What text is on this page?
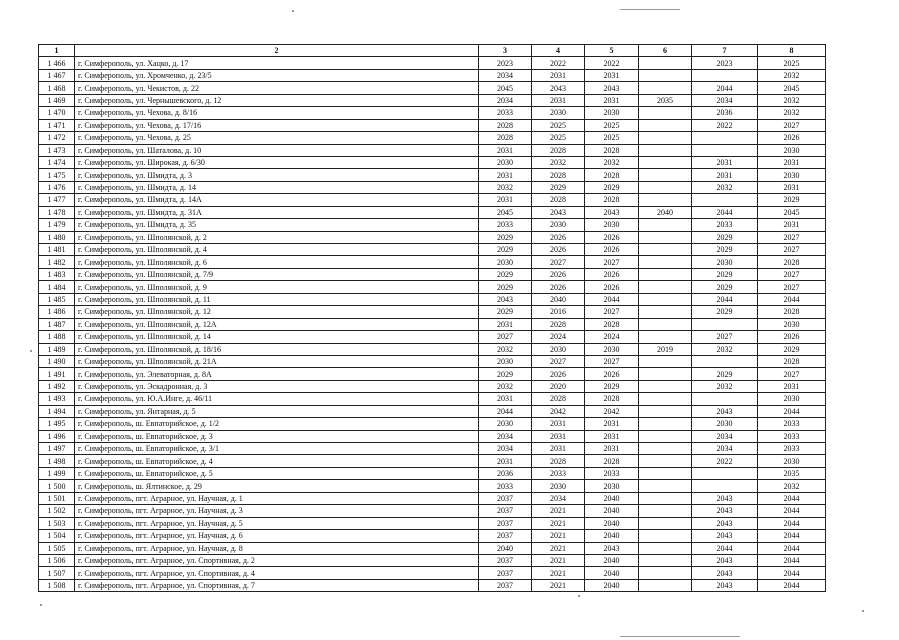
1	2	3	4	5	6	7	8
1 466	г. Симферополь, ул. Хацко, д. 17	2023	2022	2022		2023	2025
1 467	г. Симферополь, ул. Хромченко, д. 23/5	2034	2031	2031			2032
1 468	г. Симферополь, ул. Чекистов, д. 22	2045	2043	2043		2044	2045
1 469	г. Симферополь, ул. Чернышевского, д. 12	2034	2031	2031	2035	2034	2032
1 470	г. Симферополь, ул. Чехова, д. 8/16	2033	2030	2030		2036	2032
1 471	г. Симферополь, ул. Чехова, д. 17/16	2028	2025	2025		2022	2027
1 472	г. Симферополь, ул. Чехова, д. 25	2028	2025	2025			2026
1 473	г. Симферополь, ул. Шаталова, д. 10	2031	2028	2028			2030
1 474	г. Симферополь, ул. Широкая, д. 6/30	2030	2032	2032		2031	2031
1 475	г. Симферополь, ул. Шмидта, д. 3	2031	2028	2028		2031	2030
1 476	г. Симферополь, ул. Шмидта, д. 14	2032	2029	2029		2032	2031
1 477	г. Симферополь, ул. Шмидта, д. 14А	2031	2028	2028			2029
1 478	г. Симферополь, ул. Шмидта, д. 31А	2045	2043	2043	2040	2044	2045
1 479	г. Симферополь, ул. Шмидта, д. 35	2033	2030	2030		2033	2031
1 480	г. Симферополь, ул. Шполянской, д. 2	2029	2026	2026		2029	2027
1 481	г. Симферополь, ул. Шполянской, д. 4	2029	2026	2026		2029	2027
1 482	г. Симферополь, ул. Шполянской, д. 6	2030	2027	2027		2030	2028
1 483	г. Симферополь, ул. Шполянской, д. 7/9	2029	2026	2026		2029	2027
1 484	г. Симферополь, ул. Шполянской, д. 9	2029	2026	2026		2029	2027
1 485	г. Симферополь, ул. Шполянской, д. 11	2043	2040	2044		2044	2044
1 486	г. Симферополь, ул. Шполянской, д. 12	2029	2016	2027		2029	2028
1 487	г. Симферополь, ул. Шполянской, д. 12А	2031	2028	2028			2030
1 488	г. Симферополь, ул. Шполянской, д. 14	2027	2024	2024		2027	2026
1 489	г. Симферополь, ул. Шполянской, д. 18/16	2032	2030	2030	2019	2032	2029
1 490	г. Симферополь, ул. Шполянской, д. 21А	2030	2027	2027			2028
1 491	г. Симферополь, ул. Элеваторная, д. 8А	2029	2026	2026		2029	2027
1 492	г. Симферополь, ул. Эскадронная, д. 3	2032	2020	2029		2032	2031
1 493	г. Симферополь, ул. Ю.А.Инге, д. 46/11	2031	2028	2028			2030
1 494	г. Симферополь, ул. Янтарная, д. 5	2044	2042	2042		2043	2044
1 495	г. Симферополь, ш. Евпаторийское, д. 1/2	2030	2031	2031		2030	2033
1 496	г. Симферополь, ш. Евпаторийское, д. 3	2034	2031	2031		2034	2033
1 497	г. Симферополь, ш. Евпаторийское, д. 3/1	2034	2031	2031		2034	2033
1 498	г. Симферополь, ш. Евпаторийское, д. 4	2031	2028	2028		2022	2030
1 499	г. Симферополь, ш. Евпаторийское, д. 5	2036	2033	2033			2035
1 500	г. Симферополь, ш. Ялтинское, д. 29	2033	2030	2030			2032
1 501	г. Симферополь, пгт. Аграрное, ул. Научная, д. 1	2037	2034	2040		2043	2044
1 502	г. Симферополь, пгт. Аграрное, ул. Научная, д. 3	2037	2021	2040		2043	2044
1 503	г. Симферополь, пгт. Аграрное, ул. Научная, д. 5	2037	2021	2040		2043	2044
1 504	г. Симферополь, пгт. Аграрное, ул. Научная, д. 6	2037	2021	2040		2043	2044
1 505	г. Симферополь, пгт. Аграрное, ул. Научная, д. 8	2040	2021	2043		2044	2044
1 506	г. Симферополь, пгт. Аграрное, ул. Спортивная, д. 2	2037	2021	2040		2043	2044
1 507	г. Симферополь, пгт. Аграрное, ул. Спортивная, д. 4	2037	2021	2040		2043	2044
1 508	г. Симферополь, пгт. Аграрное, ул. Спортивная, д. 7	2037	2021	2040		2043	2044
